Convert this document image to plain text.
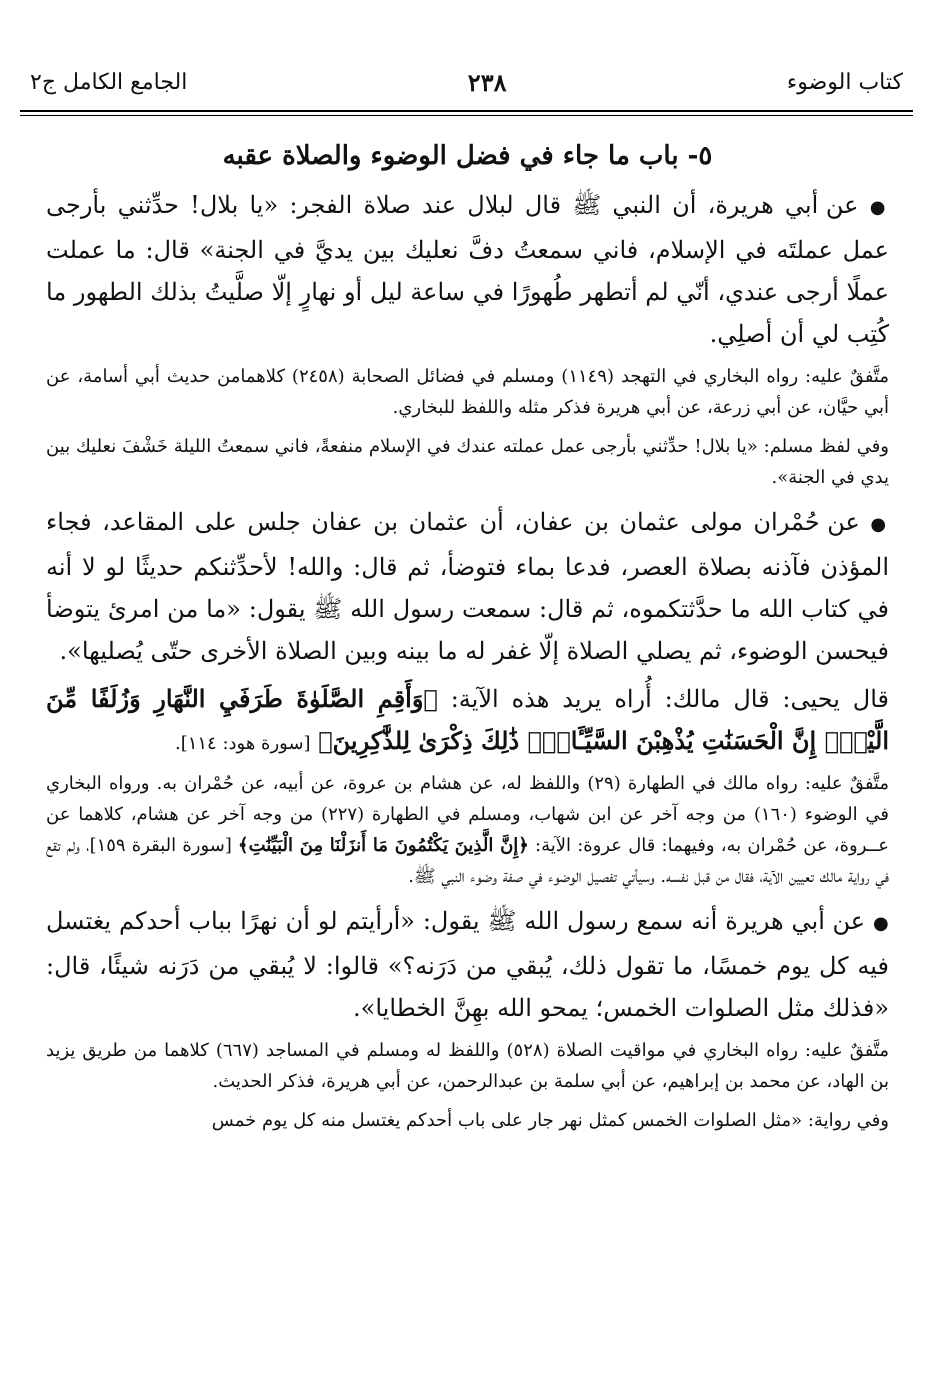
كتاب الوضوء
٢٣٨
الجامع الكامل ج٢
٥- باب ما جاء في فضل الوضوء والصلاة عقبه

● عن أبي هريرة، أن النبي ﷺ قال لبلال عند صلاة الفجر: «يا بلال! حدِّثني بأرجى عمل عملتَه في الإسلام، فاني سمعتُ دفَّ نعليك بين يديَّ في الجنة» قال: ما عملت عملًا أرجى عندي، أنّي لم أتطهر طُهورًا في ساعة ليل أو نهارٍ إلّا صلَّيتُ بذلك الطهور ما كُتِب لي أن أصلِي.

متَّفقٌ عليه: رواه البخاري في التهجد (١١٤٩) ومسلم في فضائل الصحابة (٢٤٥٨) كلاهمامن حديث أبي أسامة، عن أبي حيَّان، عن أبي زرعة، عن أبي هريرة فذكر مثله واللفظ للبخاري.

وفي لفظ مسلم: «يا بلال! حدِّثني بأرجى عمل عملته عندك في الإسلام منفعةً، فاني سمعتُ الليلة خَشْفَ نعليك بين يدي في الجنة».

● عن حُمْران مولى عثمان بن عفان، أن عثمان بن عفان جلس على المقاعد، فجاء المؤذن فآذنه بصلاة العصر، فدعا بماء فتوضأ، ثم قال: والله! لأحدِّثنكم حديثًا لو لا أنه في كتاب الله ما حدَّثتكموه، ثم قال: سمعت رسول الله ﷺ يقول: «ما من امرئ يتوضأ فيحسن الوضوء، ثم يصلي الصلاة إلّا غفر له ما بينه وبين الصلاة الأخرى حتّى يُصليها».

قال يحيى: قال مالك: أُراه يريد هذه الآية: ﴿وَأَقِمِ الصَّلَوٰةَ طَرَفَيِ النَّهَارِ وَزُلَفًا مِّنَ الَّيْلِۚ إِنَّ الْحَسَنَٰتِ يُذْهِبْنَ السَّيِّـَٔاتِۚ ذَٰلِكَ ذِكْرَىٰ لِلذَّٰكِرِينَ﴾ [سورة هود: ١١٤].

متَّفقٌ عليه: رواه مالك في الطهارة (٢٩) واللفظ له، عن هشام بن عروة، عن أبيه، عن حُمْران به. ورواه البخاري في الوضوء (١٦٠) من وجه آخر عن ابن شهاب، ومسلم في الطهارة (٢٢٧) من وجه آخر عن هشام، كلاهما عن عــروة، عن حُمْران به، وفيهما: قال عروة: الآية: ﴿إِنَّ الَّذِينَ يَكْتُمُونَ مَا أَنزَلْنَا مِنَ الْبَيِّنَٰتِ﴾ [سورة البقرة ١٥٩]، ولم تقع في رواية مالك تعيين الآية، فقال من قبل نفسه. وسيأتي تفصيل الوضوء في صفة وضوء النبي ﷺ.

● عن أبي هريرة أنه سمع رسول الله ﷺ يقول: «أرأيتم لو أن نهرًا بباب أحدكم يغتسل فيه كل يوم خمسًا، ما تقول ذلك، يُبقي من دَرَنه؟» قالوا: لا يُبقي من دَرَنه شيئًا، قال: «فذلك مثل الصلوات الخمس؛ يمحو الله بهِنَّ الخطايا».

متَّفقٌ عليه: رواه البخاري في مواقيت الصلاة (٥٢٨) واللفظ له ومسلم في المساجد (٦٦٧) كلاهما من طريق يزيد بن الهاد، عن محمد بن إبراهيم، عن أبي سلمة بن عبدالرحمن، عن أبي هريرة، فذكر الحديث.

وفي رواية: «مثل الصلوات الخمس كمثل نهر جار على باب أحدكم يغتسل منه كل يوم خمس
